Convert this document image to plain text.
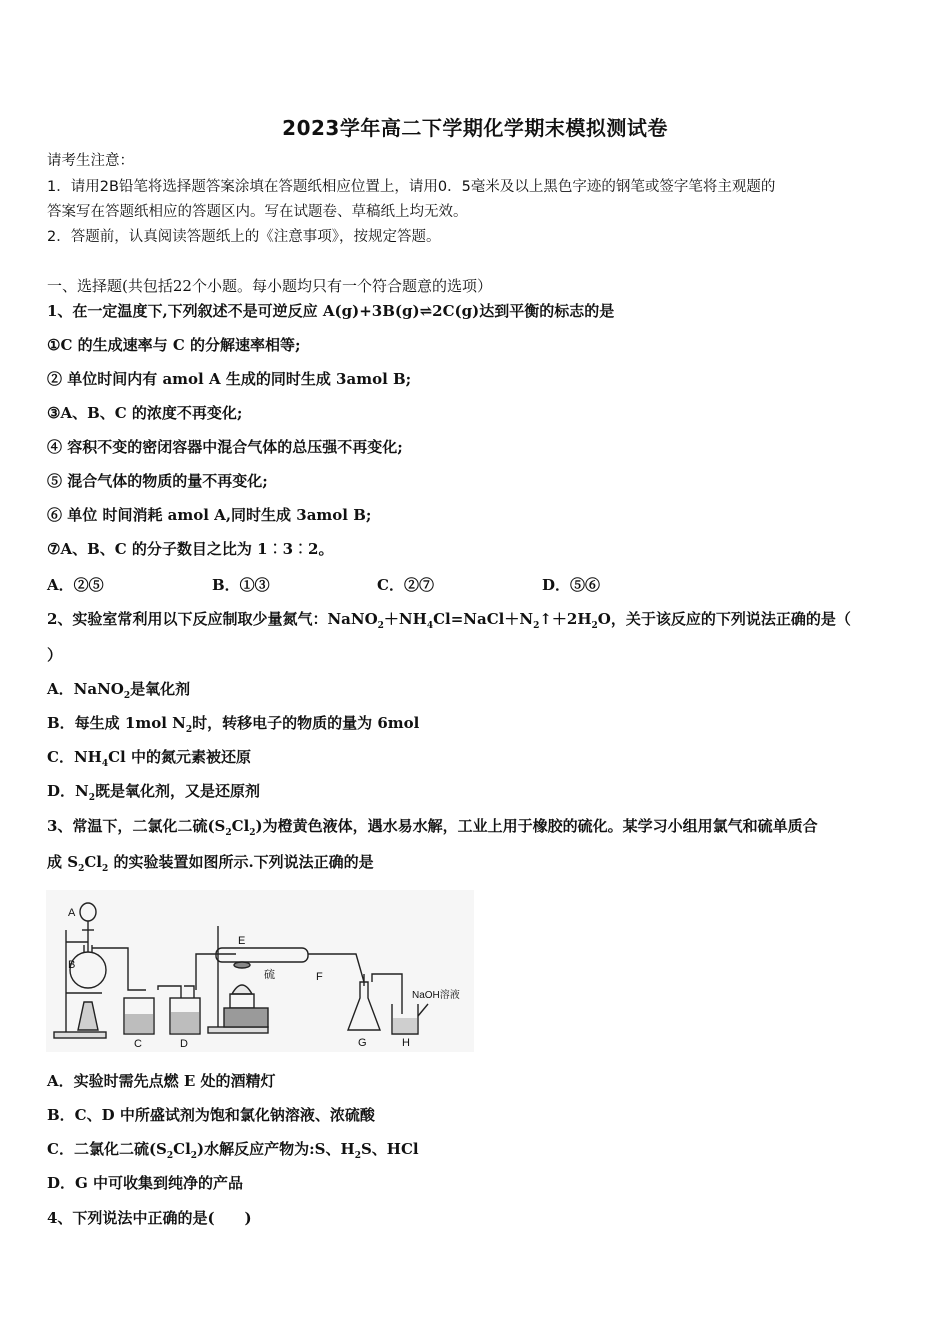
2023学年高二下学期化学期末模拟测试卷
请考生注意：
1．请用2B铅笔将选择题答案涂填在答题纸相应位置上，请用0．5毫米及以上黑色字迹的钢笔或签字笔将主观题的
答案写在答题纸相应的答题区内。写在试题卷、草稿纸上均无效。
2．答题前，认真阅读答题纸上的《注意事项》，按规定答题。
一、选择题(共包括22个小题。每小题均只有一个符合题意的选项）
1、在一定温度下,下列叙述不是可逆反应 A(g)+3B(g)⇌2C(g)达到平衡的标志的是
①C 的生成速率与 C 的分解速率相等;
② 单位时间内有 amol A 生成的同时生成 3amol B;
③A、B、C 的浓度不再变化;
④ 容积不变的密闭容器中混合气体的总压强不再变化;
⑤ 混合气体的物质的量不再变化;
⑥ 单位 时间消耗 amol A,同时生成 3amol B;
⑦A、B、C 的分子数目之比为 1︰3︰2。
A．②⑤	B．①③	C．②⑦	D．⑤⑥
2、实验室常利用以下反应制取少量氮气：$NaNO_2+NH_4Cl=NaCl+N_2↑+2H_2O$，关于该反应的下列说法正确的是（
）
A．NaNO$_2$是氧化剂
B．每生成 1mol $N_2$时，转移电子的物质的量为 6mol
C．$NH_4Cl$ 中的氮元素被还原
D．$N_2$既是氧化剂，又是还原剂
3、常温下，二氯化二硫$(S_2Cl_2)$为橙黄色液体，遇水易水解，工业上用于橡胶的硫化。某学习小组用氯气和硫单质合
成 $S_2Cl_2$ 的实验装置如图所示.下列说法正确的是
A
B
C	D
E
硫	F
G	H
NaOH溶液
A．实验时需先点燃 E 处的酒精灯
B．C、D 中所盛试剂为饱和氯化钠溶液、浓硫酸
C．二氯化二硫$(S_2Cl_2)$水解反应产物为:S、$H_2S$、HCl
D．G 中可收集到纯净的产品
4、下列说法中正确的是(　　)
